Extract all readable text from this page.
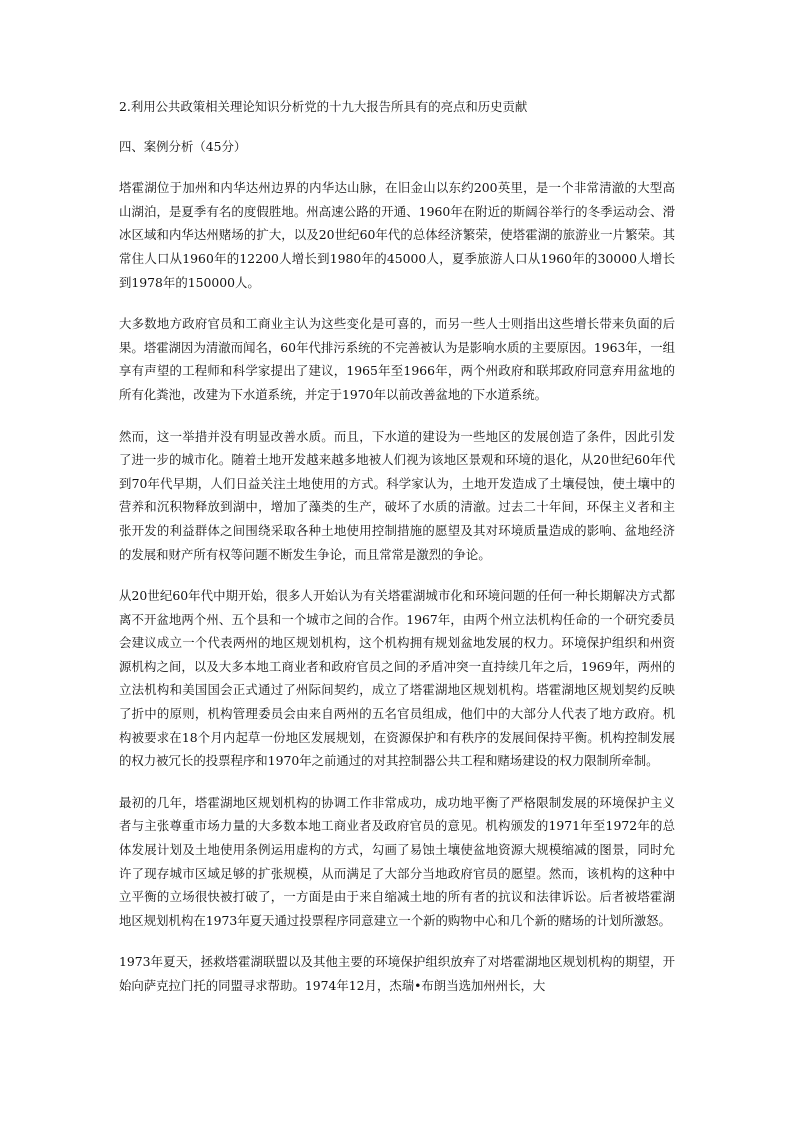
2.利用公共政策相关理论知识分析党的十九大报告所具有的亮点和历史贡献

四、案例分析（45分）

塔霍湖位于加州和内华达州边界的内华达山脉，在旧金山以东约200英里，是一个非常清澈的大型高山湖泊，是夏季有名的度假胜地。州高速公路的开通、1960年在附近的斯阔谷举行的冬季运动会、滑冰区域和内华达州赌场的扩大，以及20世纪60年代的总体经济繁荣，使塔霍湖的旅游业一片繁荣。其常住人口从1960年的12200人增长到1980年的45000人，夏季旅游人口从1960年的30000人增长到1978年的150000人。

大多数地方政府官员和工商业主认为这些变化是可喜的，而另一些人士则指出这些增长带来负面的后果。塔霍湖因为清澈而闻名，60年代排污系统的不完善被认为是影响水质的主要原因。1963年，一组享有声望的工程师和科学家提出了建议，1965年至1966年，两个州政府和联邦政府同意弃用盆地的所有化粪池，改建为下水道系统，并定于1970年以前改善盆地的下水道系统。

然而，这一举措并没有明显改善水质。而且，下水道的建设为一些地区的发展创造了条件，因此引发了进一步的城市化。随着土地开发越来越多地被人们视为该地区景观和环境的退化，从20世纪60年代到70年代早期，人们日益关注土地使用的方式。科学家认为，土地开发造成了土壤侵蚀，使土壤中的营养和沉积物释放到湖中，增加了藻类的生产，破坏了水质的清澈。过去二十年间，环保主义者和主张开发的利益群体之间围绕采取各种土地使用控制措施的愿望及其对环境质量造成的影响、盆地经济的发展和财产所有权等问题不断发生争论，而且常常是激烈的争论。

从20世纪60年代中期开始，很多人开始认为有关塔霍湖城市化和环境问题的任何一种长期解决方式都离不开盆地两个州、五个县和一个城市之间的合作。1967年，由两个州立法机构任命的一个研究委员会建议成立一个代表两州的地区规划机构，这个机构拥有规划盆地发展的权力。环境保护组织和州资源机构之间，以及大多本地工商业者和政府官员之间的矛盾冲突一直持续几年之后，1969年，两州的立法机构和美国国会正式通过了州际间契约，成立了塔霍湖地区规划机构。塔霍湖地区规划契约反映了折中的原则，机构管理委员会由来自两州的五名官员组成，他们中的大部分人代表了地方政府。机构被要求在18个月内起草一份地区发展规划，在资源保护和有秩序的发展间保持平衡。机构控制发展的权力被冗长的投票程序和1970年之前通过的对其控制器公共工程和赌场建设的权力限制所牵制。

最初的几年，塔霍湖地区规划机构的协调工作非常成功，成功地平衡了严格限制发展的环境保护主义者与主张尊重市场力量的大多数本地工商业者及政府官员的意见。机构颁发的1971年至1972年的总体发展计划及土地使用条例运用虚构的方式，勾画了易蚀土壤使盆地资源大规模缩减的图景，同时允许了现存城市区域足够的扩张规模，从而满足了大部分当地政府官员的愿望。然而，该机构的这种中立平衡的立场很快被打破了，一方面是由于来自缩减土地的所有者的抗议和法律诉讼。后者被塔霍湖地区规划机构在1973年夏天通过投票程序同意建立一个新的购物中心和几个新的赌场的计划所激怒。

1973年夏天，拯救塔霍湖联盟以及其他主要的环境保护组织放弃了对塔霍湖地区规划机构的期望，开始向萨克拉门托的同盟寻求帮助。1974年12月，杰瑞•布朗当选加州州长，大
